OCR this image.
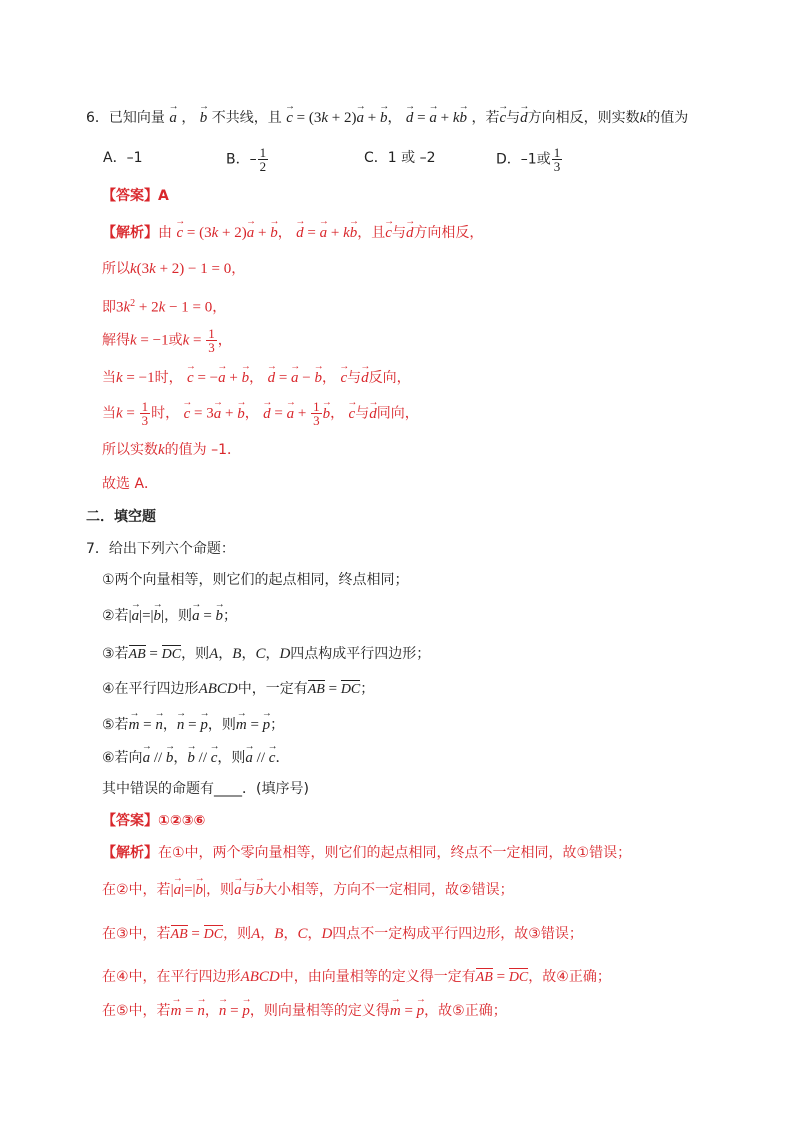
6．已知向量 → a ， → b 不共线，且 → c = (3k + 2)→ a + → b， → d = → a + k→ b ，若→ c与→ d方向相反，则实数k的值为
A．–1	B．– $\frac{1}{2}$	C．1 或 –2	D．–1或 $\frac{1}{3}$
【答案】A
【解析】由 → c = (3k + 2)→ a + → b， → d = → a + k→ b，且→ c与→ d方向相反，
所以k(3k + 2) − 1 = 0，
即$3k^2 + 2k - 1 = 0$，
解得k = −1或$k = \frac{1}{3}$ ，
当k = −1时， → c = −→ a + → b， → d = → a − → b， → c与→ d反向，
当$k = \frac{1}{3}$ 时， → c = 3→ a + → b， → d = → $a + \frac{1}{3}$
→ b， → c与→ d同向，
所以实数k的值为 –1．
故选 A．
二．填空题
7．给出下列六个命题：
①两个向量相等，则它们的起点相同，终点相同；
②若|→ a|=|→ b|，则→ a = → b；
③若AB = DC，则A，B，C，D四点构成平行四边形；
④在平行四边形ABCD中，一定有AB = DC；
⑤若→ m = → n，→ n = → p，则→ m = → p；
⑥若向→ a // → b，→ b // → c，则→ a // → c．
其中错误的命题有____．(填序号)
【答案】①②③⑥
【解析】在①中，两个零向量相等，则它们的起点相同，终点不一定相同，故①错误；
在②中，若|→ a|=|→ b|，则→ a与→ b大小相等，方向不一定相同，故②错误；
在③中，若AB = DC，则A，B，C，D四点不一定构成平行四边形，故③错误；
在④中，在平行四边形ABCD中，由向量相等的定义得一定有AB = DC，故④正确；
在⑤中，若→ m = → n，→ n = → p，则向量相等的定义得→ m = → p，故⑤正确；
